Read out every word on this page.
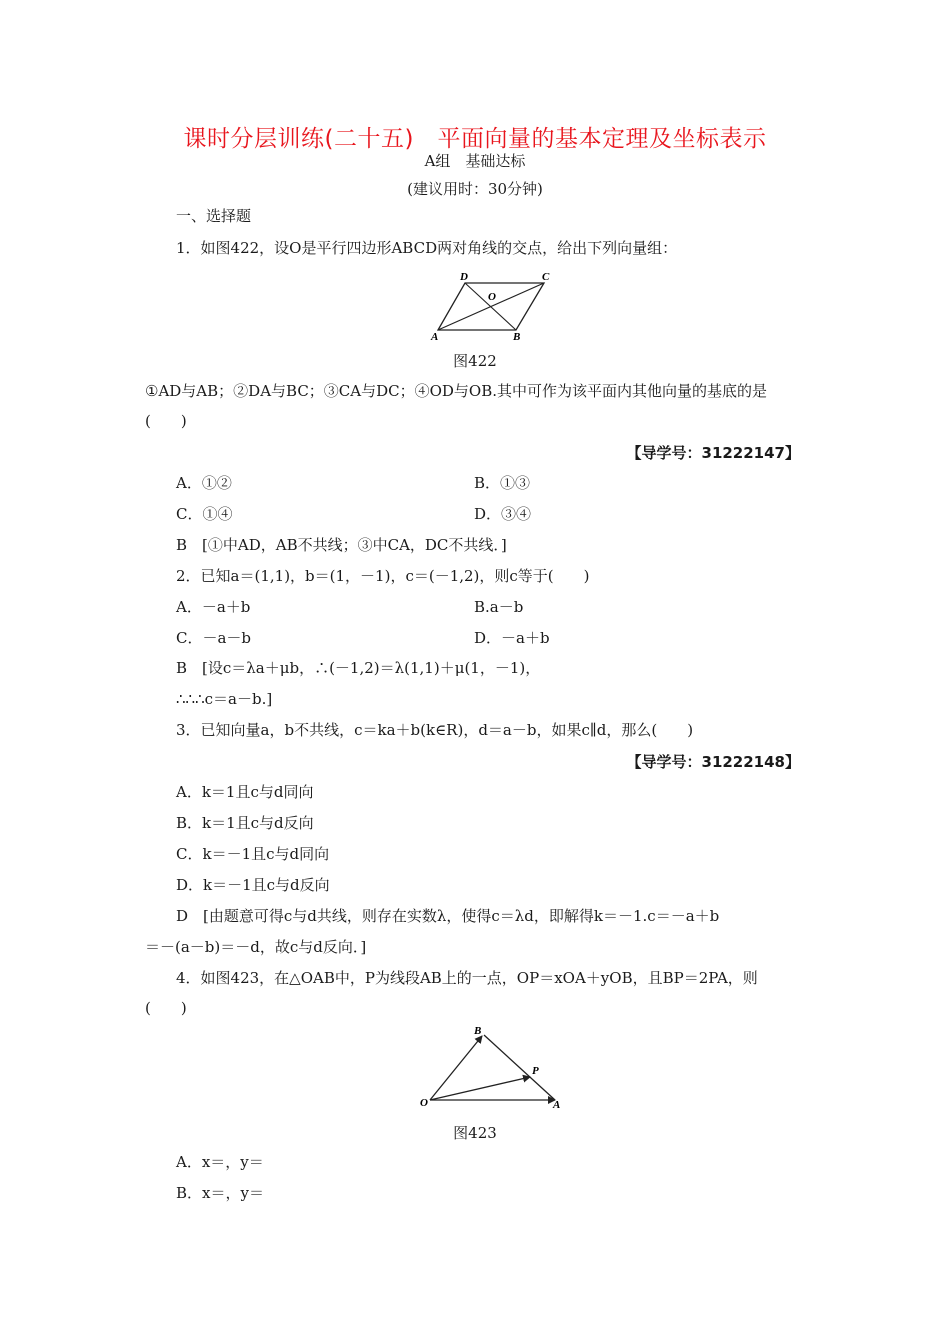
课时分层训练(二十五)　平面向量的基本定理及坐标表示
A组　基础达标
(建议用时：30分钟)
一、选择题
1．如图422，设O是平行四边形ABCD两对角线的交点，给出下列向量组：
D	C
O
A	B
图422
①AD与AB；②DA与BC；③CA与DC；④OD与OB.其中可作为该平面内其他向量的基底的是
(　　)
【导学号：31222147】
A．①②	B．①③
C．①④	D．③④
B　[①中AD，AB不共线；③中CA，DC不共线．]
2．已知a＝(1,1)，b＝(1，－1)，c＝(－1,2)，则c等于(　　)
A．－a＋b	B.a－b
C．－a－b	D．－a＋b
B　[设c＝λa＋μb，∴(－1,2)＝λ(1,1)＋μ(1，－1)，
∴∴∴c＝a－b.]
3．已知向量a，b不共线，c＝ka＋b(k∈R)，d＝a－b，如果c∥d，那么(　　)
【导学号：31222148】
A．k＝1且c与d同向
B．k＝1且c与d反向
C．k＝－1且c与d同向
D．k＝－1且c与d反向
D　[由题意可得c与d共线，则存在实数λ，使得c＝λd，即解得k＝－1.c＝－a＋b
＝－(a－b)＝－d，故c与d反向．]
4．如图423，在△OAB中，P为线段AB上的一点，OP＝xOA＋yOB，且BP＝2PA，则
(　　)
B
P
O	A
图423
A．x＝，y＝
B．x＝，y＝
